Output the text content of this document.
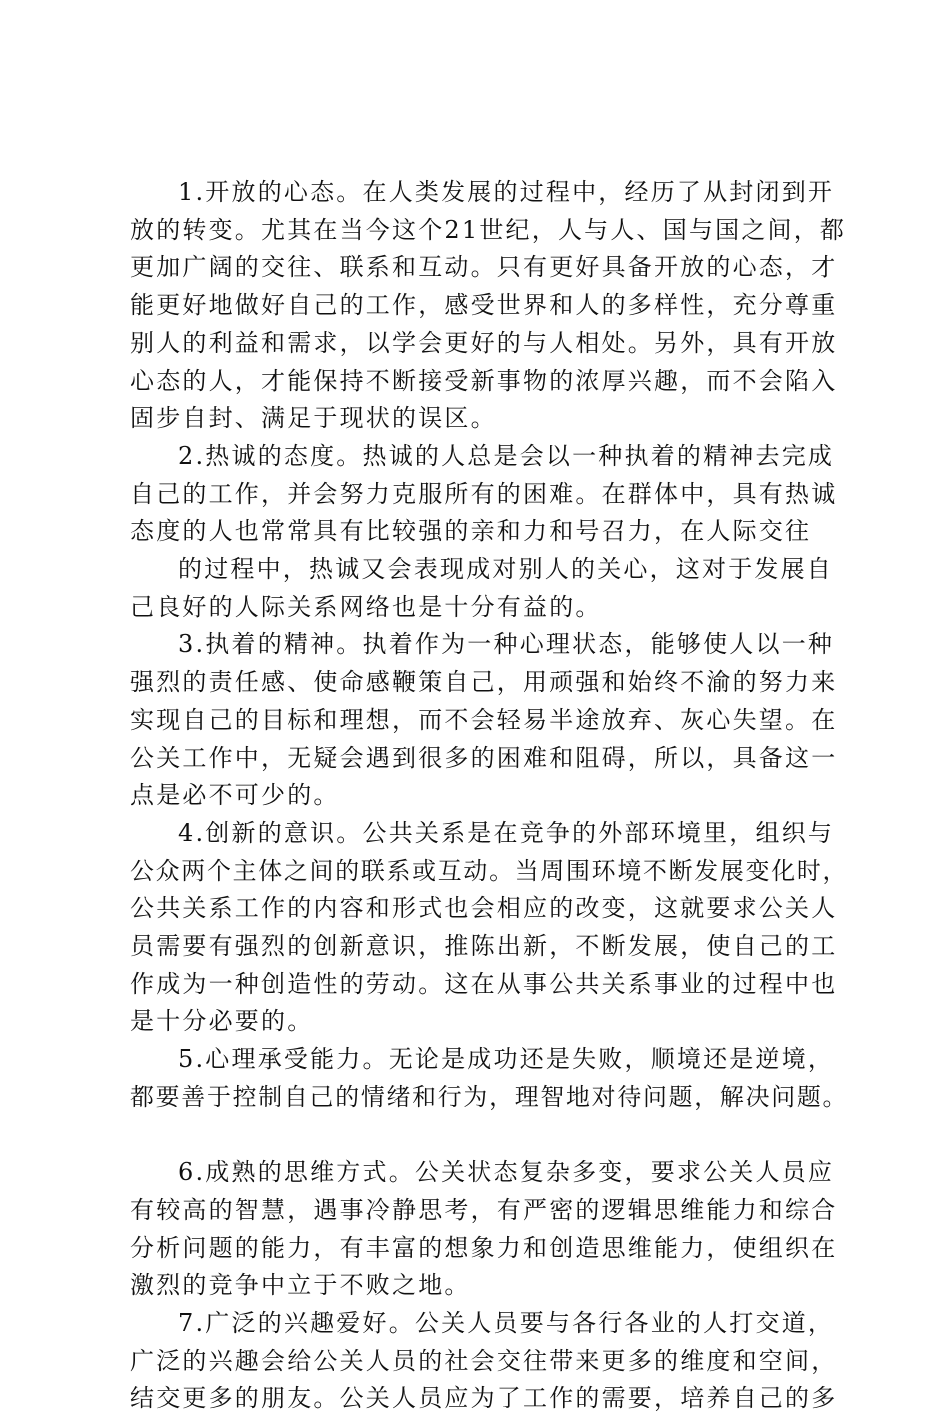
1.开放的心态。在人类发展的过程中，经历了从封闭到开

放的转变。尤其在当今这个21世纪，人与人、国与国之间，都

更加广阔的交往、联系和互动。只有更好具备开放的心态，才

能更好地做好自己的工作，感受世界和人的多样性，充分尊重

别人的利益和需求，以学会更好的与人相处。另外，具有开放

心态的人，才能保持不断接受新事物的浓厚兴趣，而不会陷入

固步自封、满足于现状的误区。

2.热诚的态度。热诚的人总是会以一种执着的精神去完成

自己的工作，并会努力克服所有的困难。在群体中，具有热诚

态度的人也常常具有比较强的亲和力和号召力，在人际交往

的过程中，热诚又会表现成对别人的关心，这对于发展自

己良好的人际关系网络也是十分有益的。

3.执着的精神。执着作为一种心理状态，能够使人以一种

强烈的责任感、使命感鞭策自己，用顽强和始终不渝的努力来

实现自己的目标和理想，而不会轻易半途放弃、灰心失望。在

公关工作中，无疑会遇到很多的困难和阻碍，所以，具备这一

点是必不可少的。

4.创新的意识。公共关系是在竞争的外部环境里，组织与

公众两个主体之间的联系或互动。当周围环境不断发展变化时，

公共关系工作的内容和形式也会相应的改变，这就要求公关人

员需要有强烈的创新意识，推陈出新，不断发展，使自己的工

作成为一种创造性的劳动。这在从事公共关系事业的过程中也

是十分必要的。

5.心理承受能力。无论是成功还是失败，顺境还是逆境，

都要善于控制自己的情绪和行为，理智地对待问题，解决问题。

6.成熟的思维方式。公关状态复杂多变，要求公关人员应

有较高的智慧，遇事冷静思考，有严密的逻辑思维能力和综合

分析问题的能力，有丰富的想象力和创造思维能力，使组织在

激烈的竞争中立于不败之地。

7.广泛的兴趣爱好。公关人员要与各行各业的人打交道，

广泛的兴趣会给公关人员的社会交往带来更多的维度和空间，

结交更多的朋友。公关人员应为了工作的需要，培养自己的多
